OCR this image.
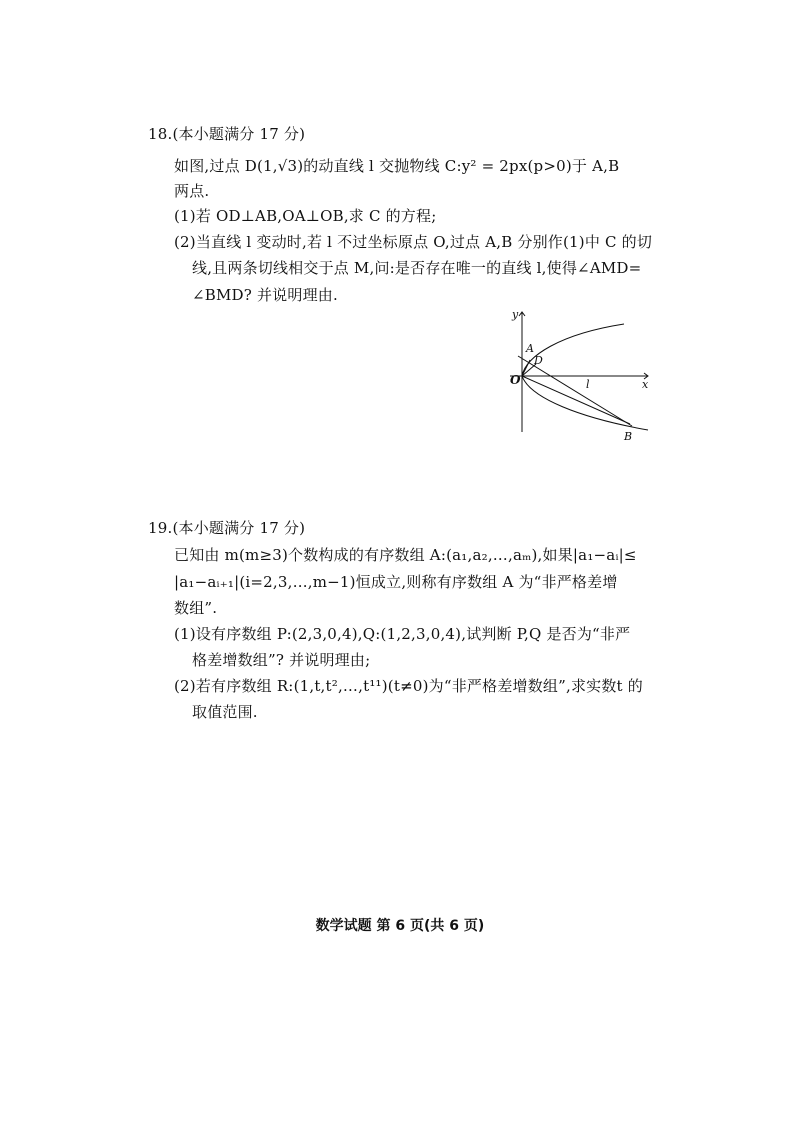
18.(本小题满分 17 分)
如图,过点 D(1,√3)的动直线 l 交抛物线 C:y² = 2px(p>0)于 A,B
两点.
(1)若 OD⊥AB,OA⊥OB,求 C 的方程;
(2)当直线 l 变动时,若 l 不过坐标原点 O,过点 A,B 分别作(1)中 C 的切
线,且两条切线相交于点 M,问:是否存在唯一的直线 l,使得∠AMD=
∠BMD? 并说明理由.
y
x
O
A
D
l
B
19.(本小题满分 17 分)
已知由 m(m≥3)个数构成的有序数组 A:(a₁,a₂,…,aₘ),如果|a₁−aᵢ|≤
|a₁−aᵢ₊₁|(i=2,3,…,m−1)恒成立,则称有序数组 A 为“非严格差增
数组”.
(1)设有序数组 P:(2,3,0,4),Q:(1,2,3,0,4),试判断 P,Q 是否为“非严
格差增数组”? 并说明理由;
(2)若有序数组 R:(1,t,t²,…,t¹¹)(t≠0)为“非严格差增数组”,求实数t 的
取值范围.
数学试题 第 6 页(共 6 页)
